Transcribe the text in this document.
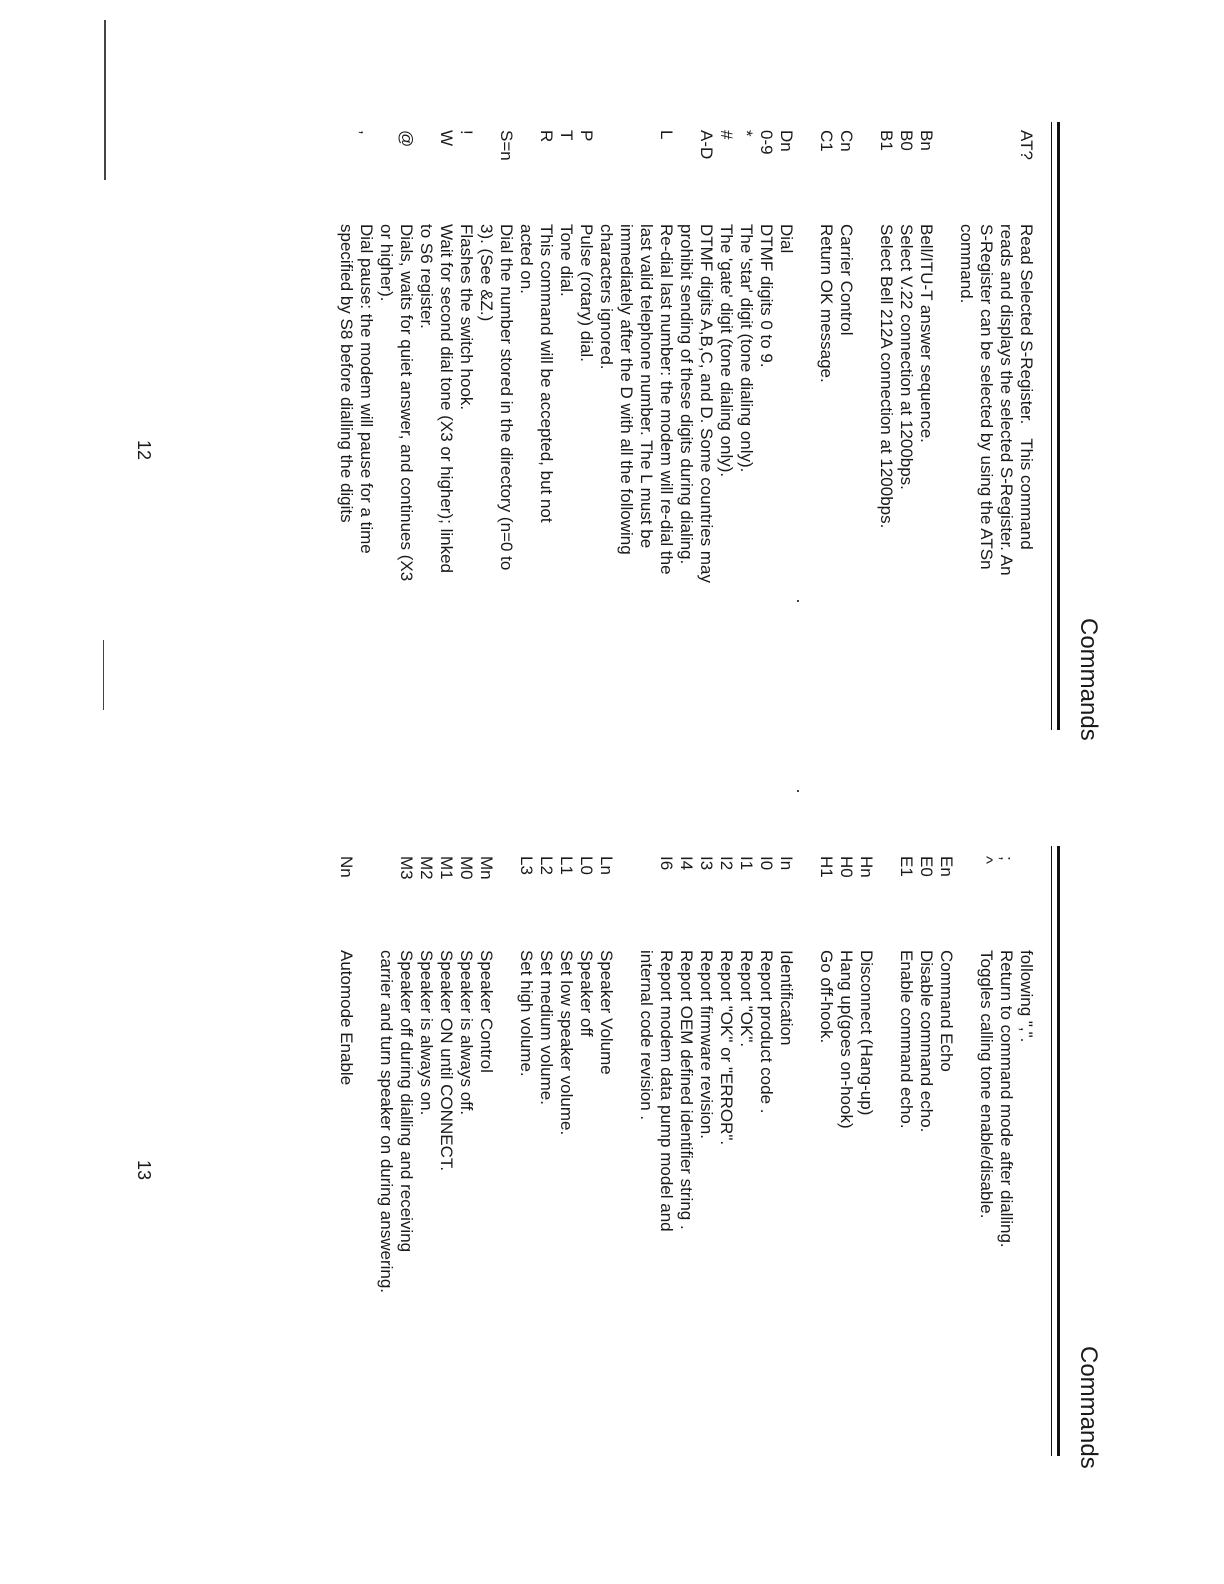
Commands
AT?
Read Selected S-Register.   This command
reads and displays the selected S-Register. An
S-Register can be selected by using the ATSn
command.
Bn
Bell/ITU-T answer sequence.
B0
Select V.22 connection at 1200bps.
B1
Select Bell 212A connection at 1200bps.
Cn
Carrier Control
C1
Return OK message.
Dn
Dial
0-9
DTMF digits 0 to 9.
*
The 'star' digit (tone dialing only).
#
The 'gate' digit (tone dialing only).
A-D
DTMF digits A,B,C, and D. Some countries may
prohibit sending of these digits during dialing.
L
Re-dial last number: the modem will re-dial the
last valid telephone number. The L must be
immediately after the D with all the following
characters ignored.
P
Pulse (rotary) dial.
T
Tone dial.
R
This command will be accepted, but not
acted on.
S=n
Dial the number stored in the directory (n=0 to
3). (See &Z.)
!
Flashes the switch hook.
W
Wait for second dial tone (X3 or higher); linked
to S6 register.
@
Dials, waits for quiet answer, and continues (X3
or higher).
,
Dial pause: the modem will pause for a time
specified by S8 before dialling the digits
12
Commands
following ",".
;
Return to command mode after dialling.
^
Toggles calling tone enable/disable.
En
Command Echo
E0
Disable command echo.
E1
Enable command echo.
Hn
Disconnect (Hang-up)
H0
Hang up(goes on-hook)
H1
Go off-hook.
In
Identification
I0
Report product code .
I1
Report "OK".
I2
Report "OK" or "ERROR".
I3
Report firmware revision.
I4
Report OEM defined identifier string .
I6
Report modem data pump model and
internal code revision .
Ln
Speaker Volume
L0
Speaker off
L1
Set low speaker volume.
L2
Set medium volume.
L3
Set high volume.
Mn
Speaker Control
M0
Speaker is always off.
M1
Speaker ON until CONNECT.
M2
Speaker is always on.
M3
Speaker off during dialling and receiving
carrier and turn speaker on during answering.
Nn
Automode Enable
13
